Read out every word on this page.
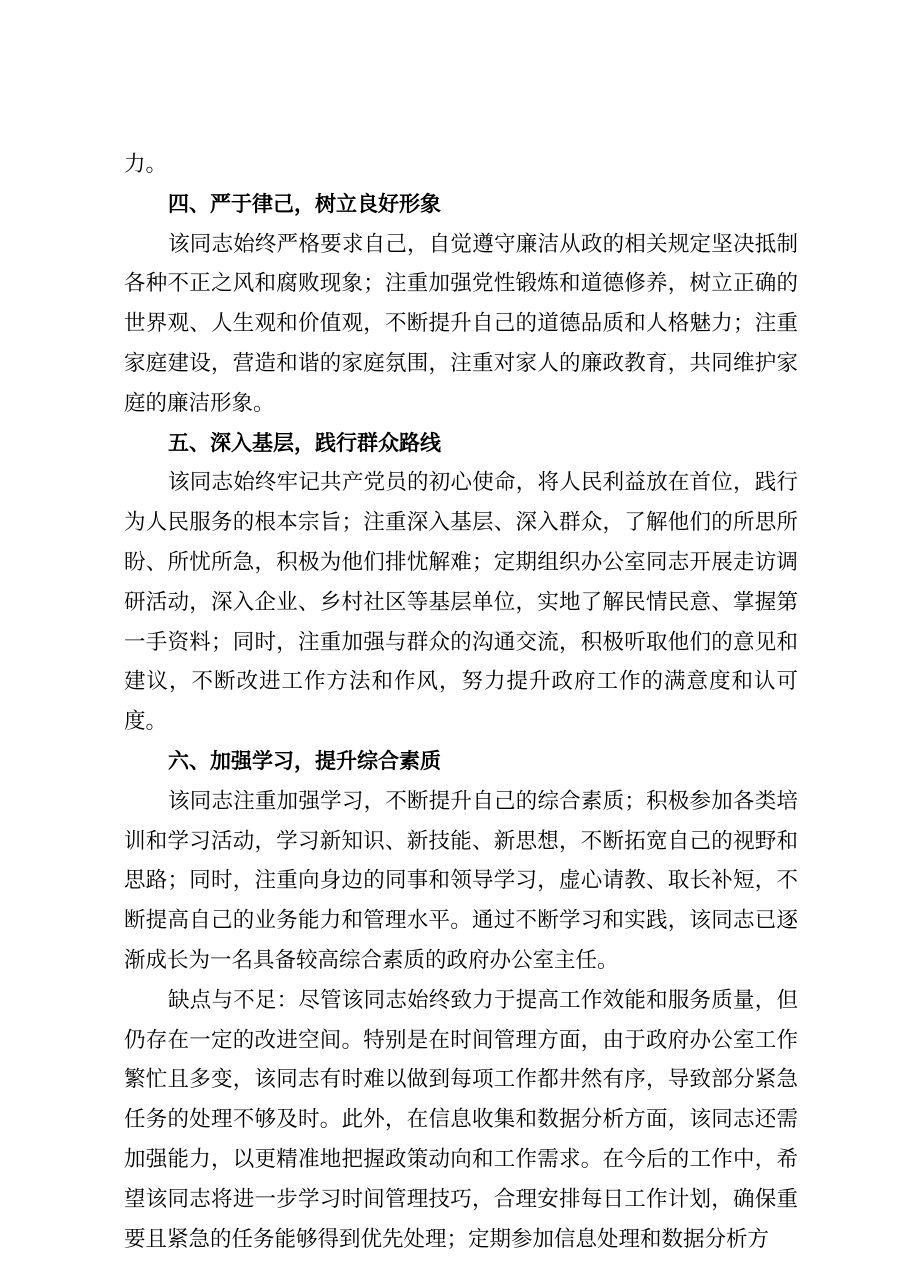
力。

四、严于律己，树立良好形象

该同志始终严格要求自己，自觉遵守廉洁从政的相关规定坚决抵制各种不正之风和腐败现象；注重加强党性锻炼和道德修养，树立正确的世界观、人生观和价值观，不断提升自己的道德品质和人格魅力；注重家庭建设，营造和谐的家庭氛围，注重对家人的廉政教育，共同维护家庭的廉洁形象。

五、深入基层，践行群众路线

该同志始终牢记共产党员的初心使命，将人民利益放在首位，践行为人民服务的根本宗旨；注重深入基层、深入群众，了解他们的所思所盼、所忧所急，积极为他们排忧解难；定期组织办公室同志开展走访调研活动，深入企业、乡村社区等基层单位，实地了解民情民意、掌握第一手资料；同时，注重加强与群众的沟通交流，积极听取他们的意见和建议，不断改进工作方法和作风，努力提升政府工作的满意度和认可度。

六、加强学习，提升综合素质

该同志注重加强学习，不断提升自己的综合素质；积极参加各类培训和学习活动，学习新知识、新技能、新思想，不断拓宽自己的视野和思路；同时，注重向身边的同事和领导学习，虚心请教、取长补短，不断提高自己的业务能力和管理水平。通过不断学习和实践，该同志已逐渐成长为一名具备较高综合素质的政府办公室主任。

缺点与不足：尽管该同志始终致力于提高工作效能和服务质量，但仍存在一定的改进空间。特别是在时间管理方面，由于政府办公室工作繁忙且多变，该同志有时难以做到每项工作都井然有序，导致部分紧急任务的处理不够及时。此外，在信息收集和数据分析方面，该同志还需加强能力，以更精准地把握政策动向和工作需求。在今后的工作中，希望该同志将进一步学习时间管理技巧，合理安排每日工作计划，确保重要且紧急的任务能够得到优先处理；定期参加信息处理和数据分析方
